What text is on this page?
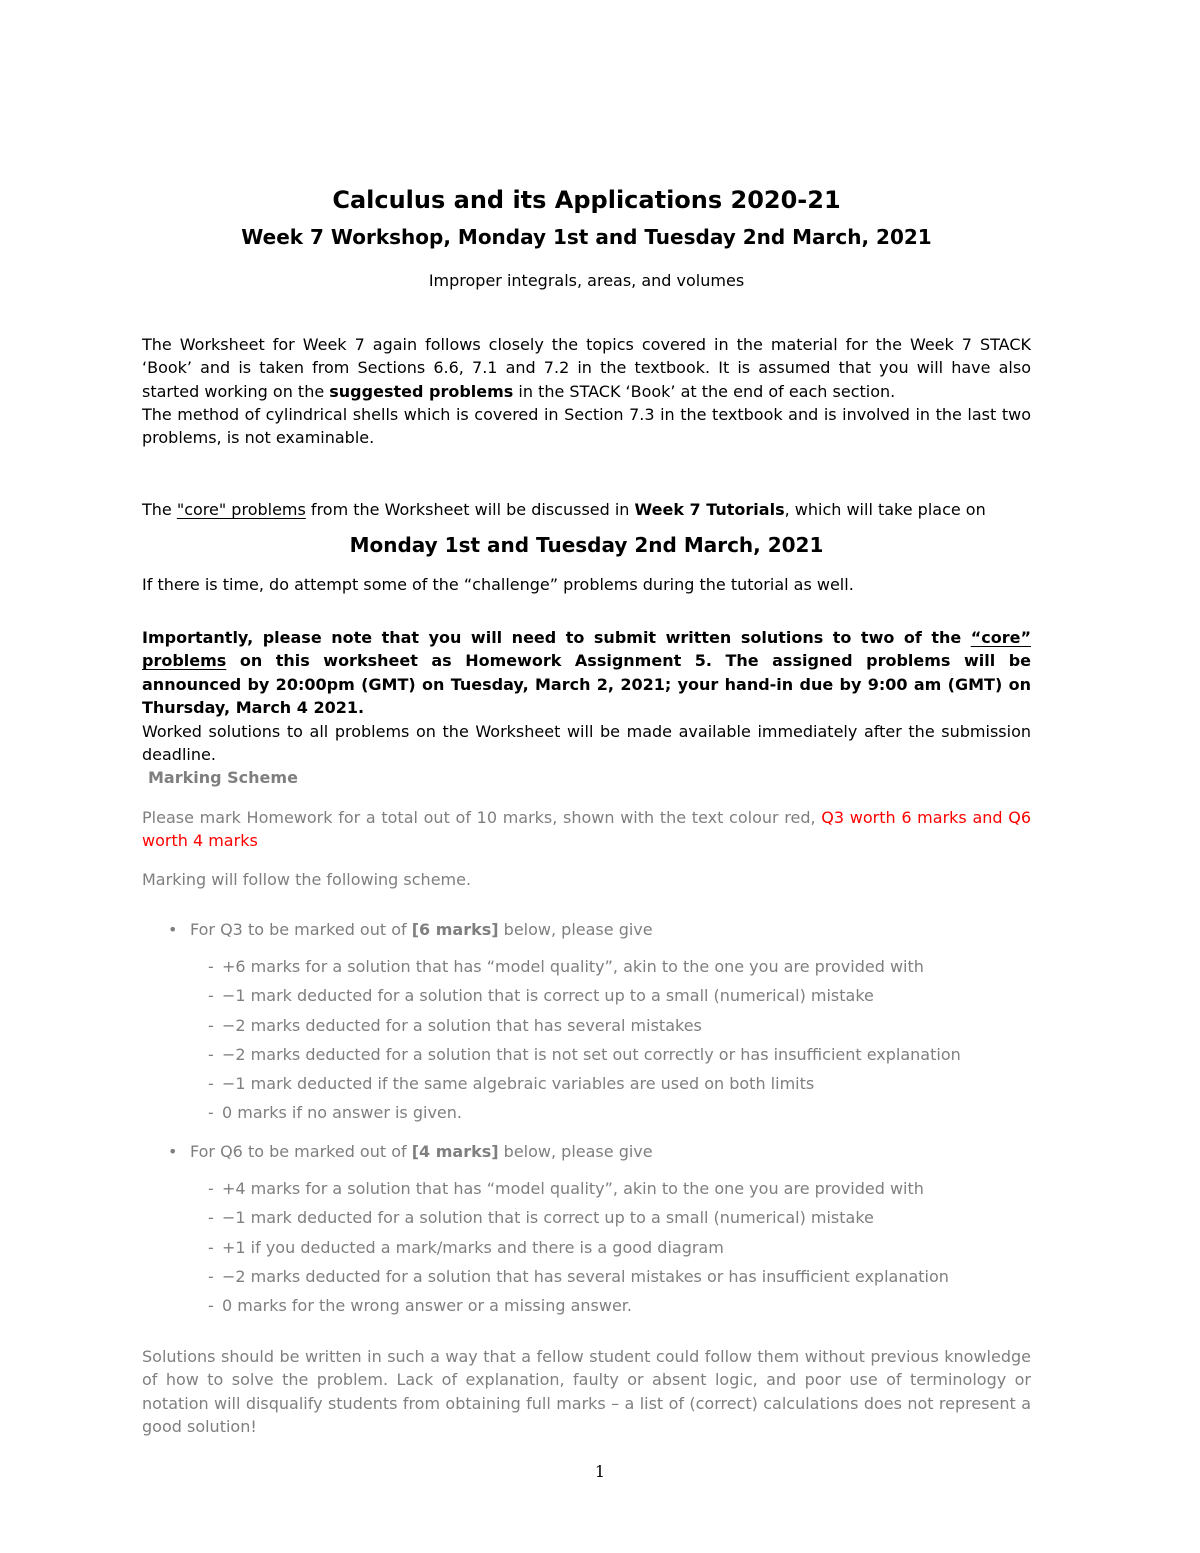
Calculus and its Applications 2020-21
Week 7 Workshop, Monday 1st and Tuesday 2nd March, 2021
Improper integrals, areas, and volumes
The Worksheet for Week 7 again follows closely the topics covered in the material for the Week 7 STACK ‘Book’ and is taken from Sections 6.6, 7.1 and 7.2 in the textbook. It is assumed that you will have also started working on the suggested problems in the STACK ‘Book’ at the end of each section.
The method of cylindrical shells which is covered in Section 7.3 in the textbook and is involved in the last two problems, is not examinable.
The "core" problems from the Worksheet will be discussed in Week 7 Tutorials, which will take place on
Monday 1st and Tuesday 2nd March, 2021
If there is time, do attempt some of the “challenge” problems during the tutorial as well.
Importantly, please note that you will need to submit written solutions to two of the “core” problems on this worksheet as Homework Assignment 5. The assigned problems will be announced by 20:00pm (GMT) on Tuesday, March 2, 2021; your hand-in due by 9:00 am (GMT) on Thursday, March 4 2021.
Worked solutions to all problems on the Worksheet will be made available immediately after the submission deadline.
Marking Scheme
Please mark Homework for a total out of 10 marks, shown with the text colour red, Q3 worth 6 marks and Q6 worth 4 marks
Marking will follow the following scheme.
• For Q3 to be marked out of [6 marks] below, please give
- +6 marks for a solution that has “model quality”, akin to the one you are provided with
- −1 mark deducted for a solution that is correct up to a small (numerical) mistake
- −2 marks deducted for a solution that has several mistakes
- −2 marks deducted for a solution that is not set out correctly or has insufficient explanation
- −1 mark deducted if the same algebraic variables are used on both limits
- 0 marks if no answer is given.
• For Q6 to be marked out of [4 marks] below, please give
- +4 marks for a solution that has “model quality”, akin to the one you are provided with
- −1 mark deducted for a solution that is correct up to a small (numerical) mistake
- +1 if you deducted a mark/marks and there is a good diagram
- −2 marks deducted for a solution that has several mistakes or has insufficient explanation
- 0 marks for the wrong answer or a missing answer.
Solutions should be written in such a way that a fellow student could follow them without previous knowledge of how to solve the problem. Lack of explanation, faulty or absent logic, and poor use of terminology or notation will disqualify students from obtaining full marks – a list of (correct) calculations does not represent a good solution!
1
